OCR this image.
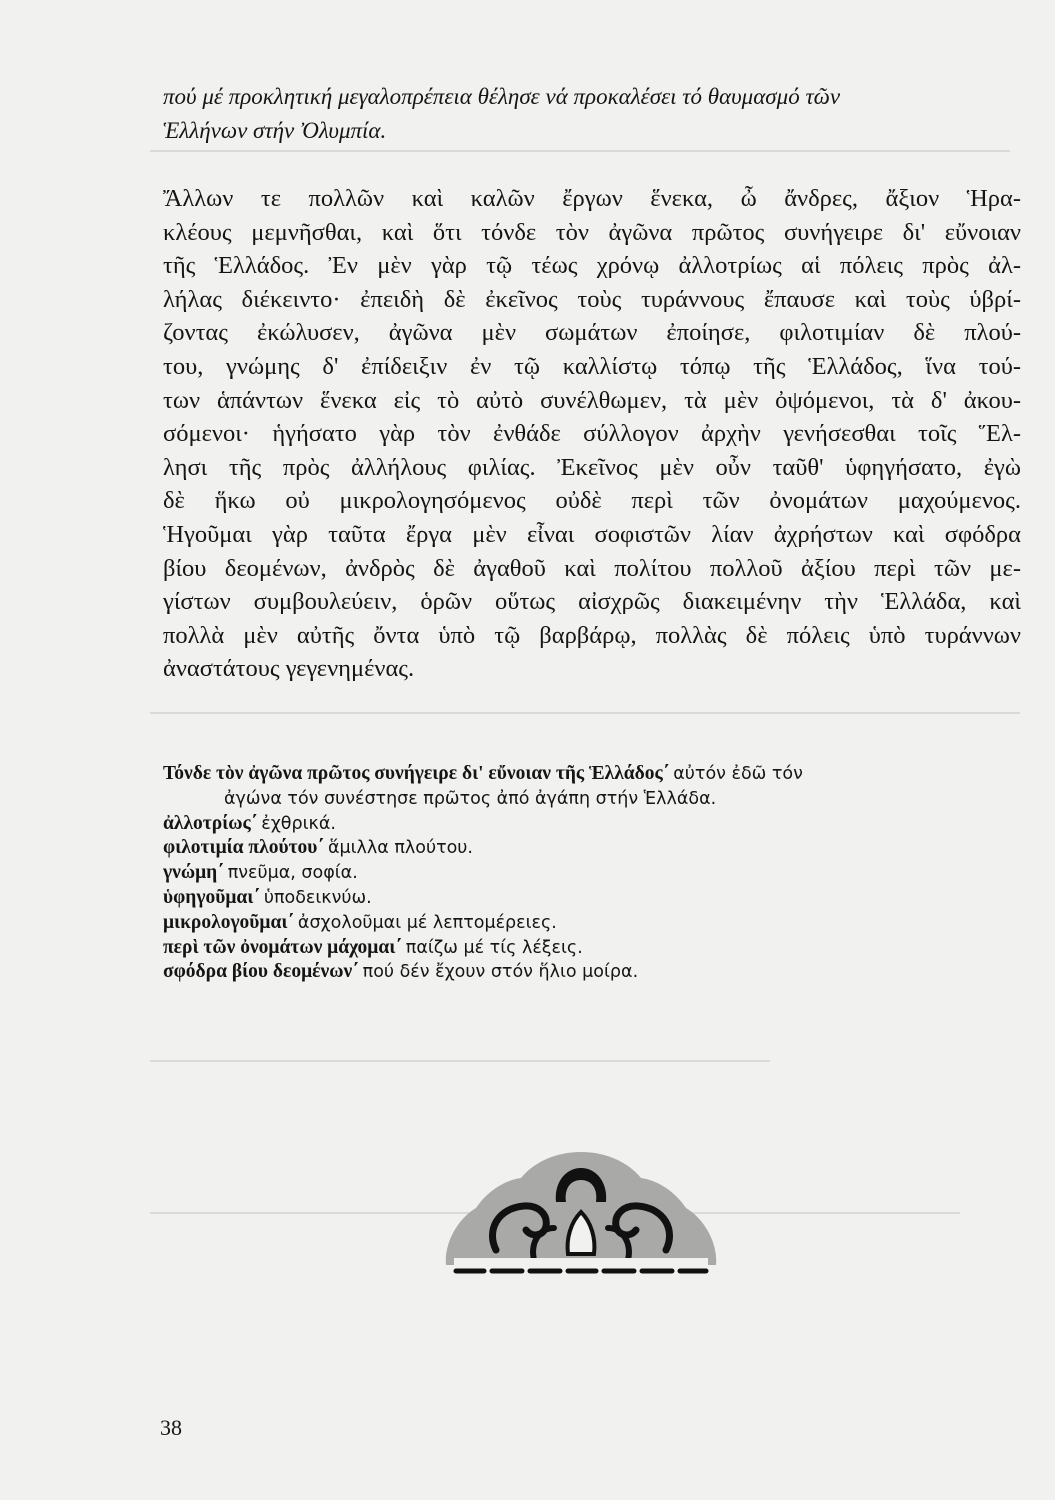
πού μέ προκλητική μεγαλοπρέπεια θέλησε νά προκαλέσει τό θαυμασμό τῶν
Ἑλλήνων στήν Ὀλυμπία.
Ἄλλων τε πολλῶν καὶ καλῶν ἔργων ἕνεκα, ὦ ἄνδρες, ἄξιον Ἡρα-
κλέους μεμνῆσθαι, καὶ ὅτι τόνδε τὸν ἀγῶνα πρῶτος συνήγειρε δι' εὔνοιαν
τῆς Ἑλλάδος. Ἐν μὲν γὰρ τῷ τέως χρόνῳ ἀλλοτρίως αἱ πόλεις πρὸς ἀλ-
λήλας διέκειντο· ἐπειδὴ δὲ ἐκεῖνος τοὺς τυράννους ἔπαυσε καὶ τοὺς ὑβρί-
ζοντας ἐκώλυσεν, ἀγῶνα μὲν σωμάτων ἐποίησε, φιλοτιμίαν δὲ πλού-
του, γνώμης δ' ἐπίδειξιν ἐν τῷ καλλίστῳ τόπῳ τῆς Ἑλλάδος, ἵνα τού-
των ἁπάντων ἕνεκα εἰς τὸ αὐτὸ συνέλθωμεν, τὰ μὲν ὀψόμενοι, τὰ δ' ἀκου-
σόμενοι· ἡγήσατο γὰρ τὸν ἐνθάδε σύλλογον ἀρχὴν γενήσεσθαι τοῖς Ἕλ-
λησι τῆς πρὸς ἀλλήλους φιλίας. Ἐκεῖνος μὲν οὖν ταῦθ' ὑφηγήσατο, ἐγὼ
δὲ ἥκω οὐ μικρολογησόμενος οὐδὲ περὶ τῶν ὀνομάτων μαχούμενος.
Ἡγοῦμαι γὰρ ταῦτα ἔργα μὲν εἶναι σοφιστῶν λίαν ἀχρήστων καὶ σφόδρα
βίου δεομένων, ἀνδρὸς δὲ ἀγαθοῦ καὶ πολίτου πολλοῦ ἀξίου περὶ τῶν με-
γίστων συμβουλεύειν, ὁρῶν οὕτως αἰσχρῶς διακειμένην τὴν Ἑλλάδα, καὶ
πολλὰ μὲν αὐτῆς ὄντα ὑπὸ τῷ βαρβάρῳ, πολλὰς δὲ πόλεις ὑπὸ τυράννων
ἀναστάτους γεγενημένας.
Τόνδε τὸν ἀγῶνα πρῶτος συνήγειρε δι' εὔνοιαν τῆς Ἑλλάδος΄ αὐτόν ἐδῶ τόν
ἀγώνα τόν συνέστησε πρῶτος ἀπό ἀγάπη στήν Ἑλλάδα.
ἀλλοτρίως΄ ἐχθρικά.
φιλοτιμία πλούτου΄ ἅμιλλα πλούτου.
γνώμη΄ πνεῦμα, σοφία.
ὑφηγοῦμαι΄ ὑποδεικνύω.
μικρολογοῦμαι΄ ἀσχολοῦμαι μέ λεπτομέρειες.
περὶ τῶν ὀνομάτων μάχομαι΄ παίζω μέ τίς λέξεις.
σφόδρα βίου δεομένων΄ πού δέν ἔχουν στόν ἥλιο μοίρα.
38
